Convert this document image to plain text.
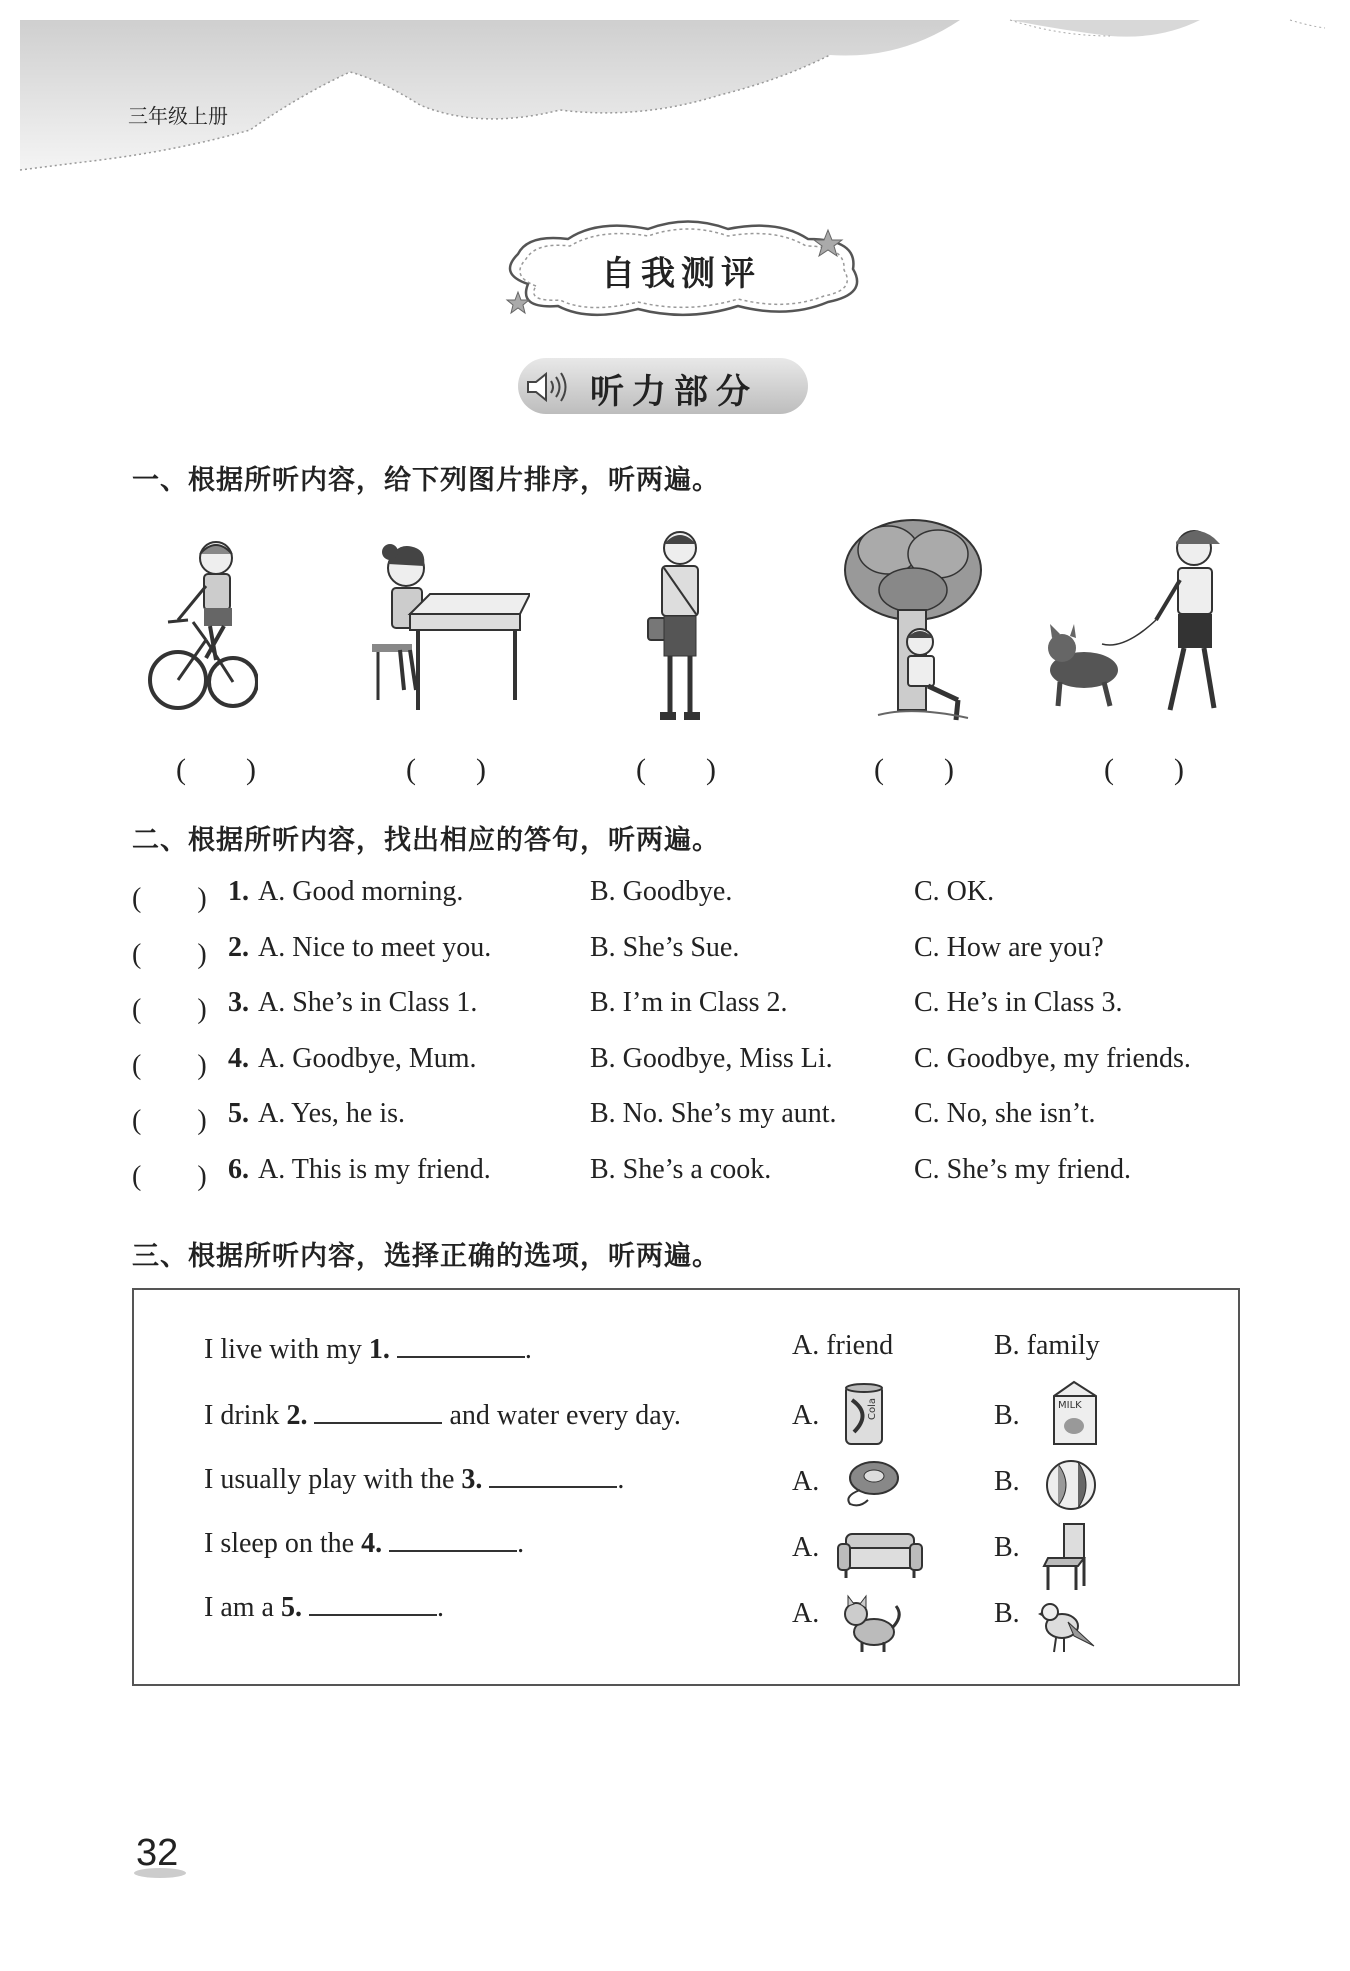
三年级上册
自我测评
听力部分
一、根据所听内容，给下列图片排序，听两遍。
(　　)	(　　)	(　　)	(　　)	(　　)
二、根据所听内容，找出相应的答句，听两遍。
(　　) 1. A. Good morning.	B. Goodbye.	C. OK.
(　　) 2. A. Nice to meet you.	B. She’s Sue.	C. How are you?
(　　) 3. A. She’s in Class 1.	B. I’m in Class 2.	C. He’s in Class 3.
(　　) 4. A. Goodbye, Mum.	B. Goodbye, Miss Li.	C. Goodbye, my friends.
(　　) 5. A. Yes, he is.	B. No. She’s my aunt.	C. No, she isn’t.
(　　) 6. A. This is my friend.	B. She’s a cook.	C. She’s my friend.
三、根据所听内容，选择正确的选项，听两遍。
I live with my 1.	.	A. friend	B. family
I drink 2.	and water every day.	A.	Cola	B.	MILK
I usually play with the 3.	.	A.	B.
I sleep on the 4.	.	A.	B.
I am a 5.	.	A.	B.
32
